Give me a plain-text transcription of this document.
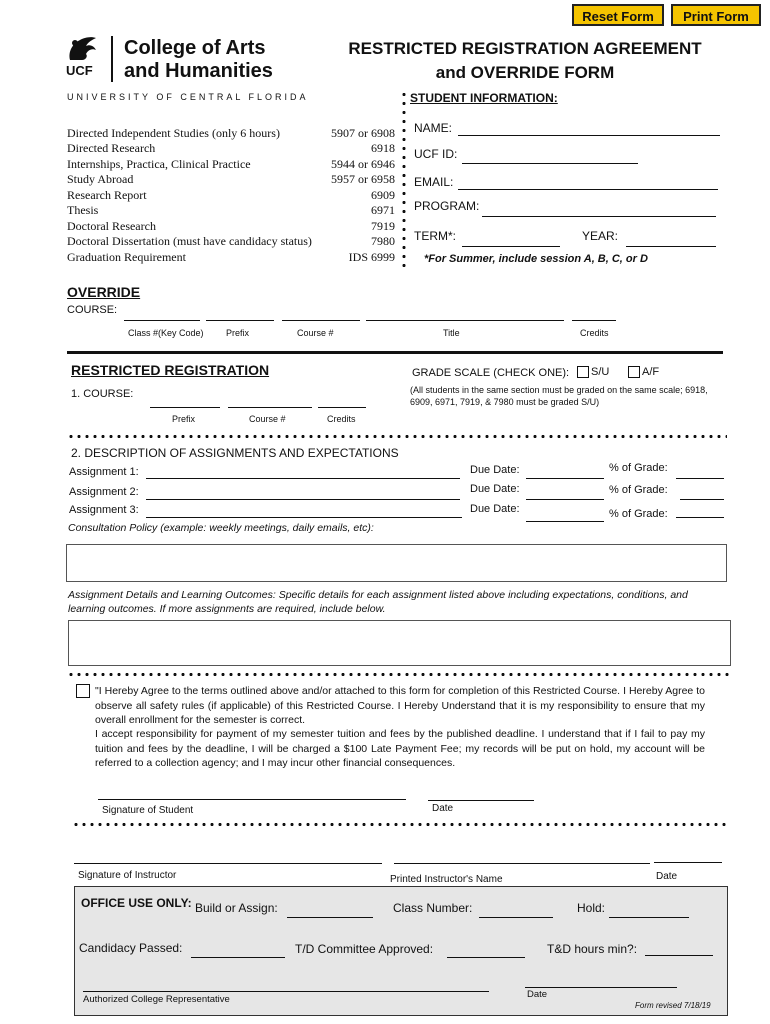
Reset Form	Print Form
UCF
College of Arts
and Humanities
UNIVERSITY OF CENTRAL FLORIDA
RESTRICTED REGISTRATION AGREEMENT
and OVERRIDE FORM
Directed Independent Studies (only 6 hours)	5907 or 6908
Directed Research	6918
Internships, Practica, Clinical Practice	5944 or 6946
Study Abroad	5957 or 6958
Research Report	6909
Thesis	6971
Doctoral Research	7919
Doctoral Dissertation (must have candidacy status)	7980
Graduation Requirement	IDS 6999
STUDENT INFORMATION:
NAME:
UCF ID:
EMAIL:
PROGRAM:
TERM*:	YEAR:
*For Summer, include session A, B, C, or D
OVERRIDE
COURSE:
Class #(Key Code) Prefix	Course #	Title	Credits
RESTRICTED REGISTRATION	GRADE SCALE (CHECK ONE): S/U	A/F
(All students in the same section must be graded on the same scale; 6918, 6909, 6971, 7919, & 7980 must be graded S/U)
1. COURSE:
Prefix	Course #	Credits
2. DESCRIPTION OF ASSIGNMENTS AND EXPECTATIONS
Assignment 1:	Due Date:	% of Grade:
Assignment 2:	Due Date:	% of Grade:
Assignment 3:	Due Date:	% of Grade:
Consultation Policy (example: weekly meetings, daily emails, etc):
Assignment Details and Learning Outcomes: Specific details for each assignment listed above including expectations, conditions, and learning outcomes. If more assignments are required, include below.
"I Hereby Agree to the terms outlined above and/or attached to this form for completion of this Restricted Course. I Hereby Agree to observe all safety rules (if applicable) of this Restricted Course. I Hereby Understand that it is my responsibility to ensure that my overall enrollment for the semester is correct.
I accept responsibility for payment of my semester tuition and fees by the published deadline. I understand that if I fail to pay my tuition and fees by the deadline, I will be charged a $100 Late Payment Fee; my records will be put on hold, my account will be referred to a collection agency; and I may incur other financial consequences.
Signature of Student	Date
Signature of Instructor	Printed Instructor's Name	Date
OFFICE USE ONLY: Build or Assign:	Class Number:	Hold:
Candidacy Passed:	T/D Committee Approved:	T&D hours min?:
Authorized College Representative	Date
Form revised 7/18/19
